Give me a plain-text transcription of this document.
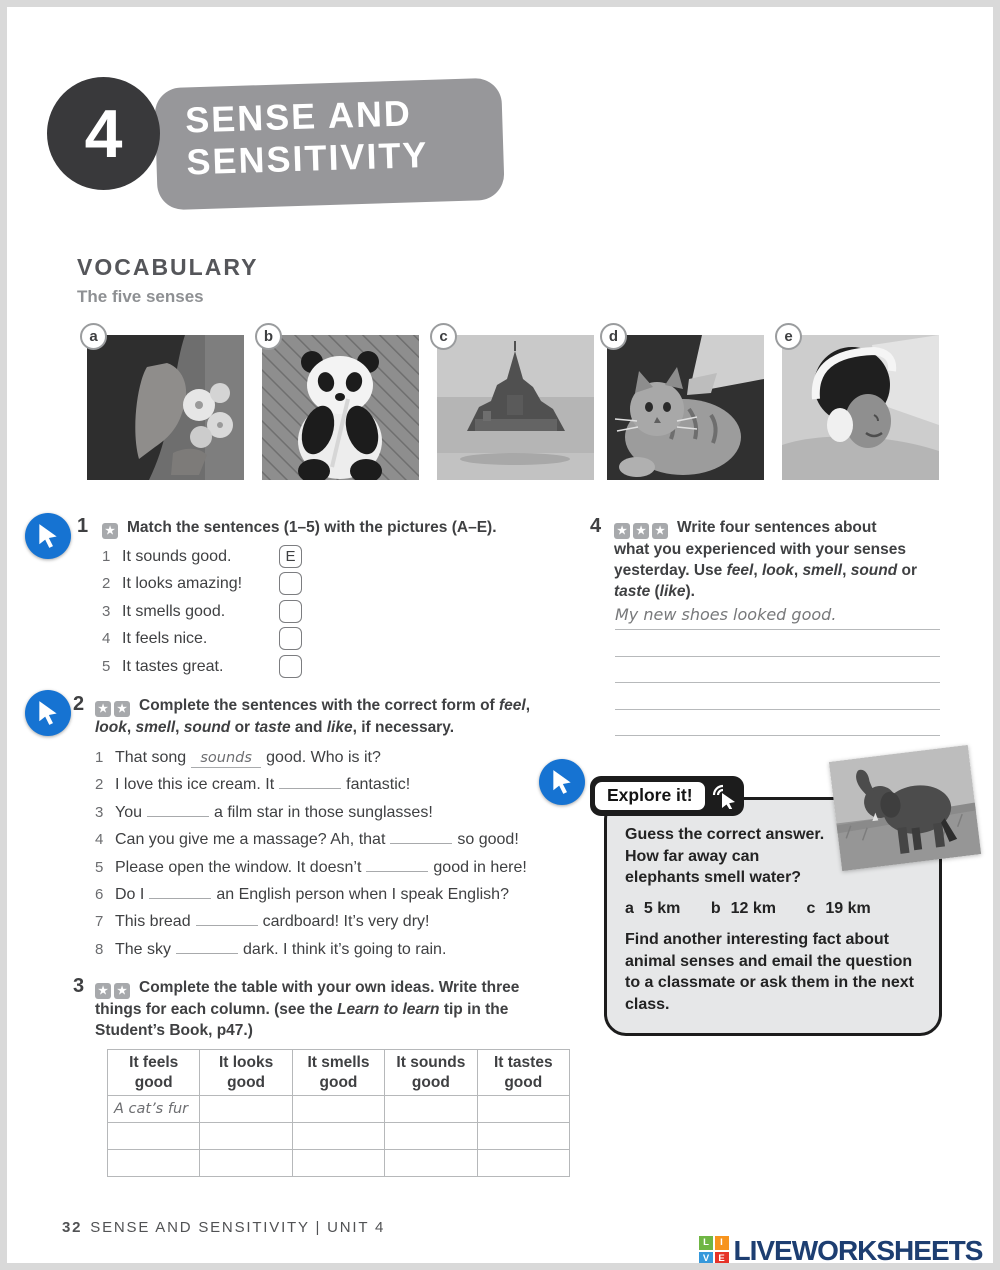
SENSE AND
SENSITIVITY
4
VOCABULARY
The five senses
a	b	c	d	e
1 ★	Match the sentences (1–5) with the pictures (A–E).
1 It sounds good.	E
2 It looks amazing!
3 It smells good.
4 It feels nice.
5 It tastes great.
2 ★ ★	Complete the sentences with the correct form of feel,
look, smell, sound or taste and like, if necessary.
1 That song sounds good. Who is it?
2 I love this ice cream. It	fantastic!
3 You	a film star in those sunglasses!
4 Can you give me a massage? Ah, that	so good!
5 Please open the window. It doesn’t	good in here!
6 Do I	an English person when I speak English?
7 This bread	cardboard! It’s very dry!
8 The sky	dark. I think it’s going to rain.
3 ★ ★	Complete the table with your own ideas. Write three
things for each column. (see the Learn to learn tip in the
Student’s Book, p47.)
It feels good	It looks good	It smells good	It sounds good	It tastes good
A cat’s fur				

4 ★ ★ ★	Write four sentences about
what you experienced with your senses
yesterday. Use feel, look, smell, sound or
taste (like).
My new shoes looked good.
Guess the correct answer.
How far away can elephants smell water?
a 5 km b 12 km c 19 km
Find another interesting fact about animal senses and email the question to a classmate or ask them in the next class.
Explore it!
32 SENSE AND SENSITIVITY | UNIT 4
L	I
V E LIVEWORKSHEETS
